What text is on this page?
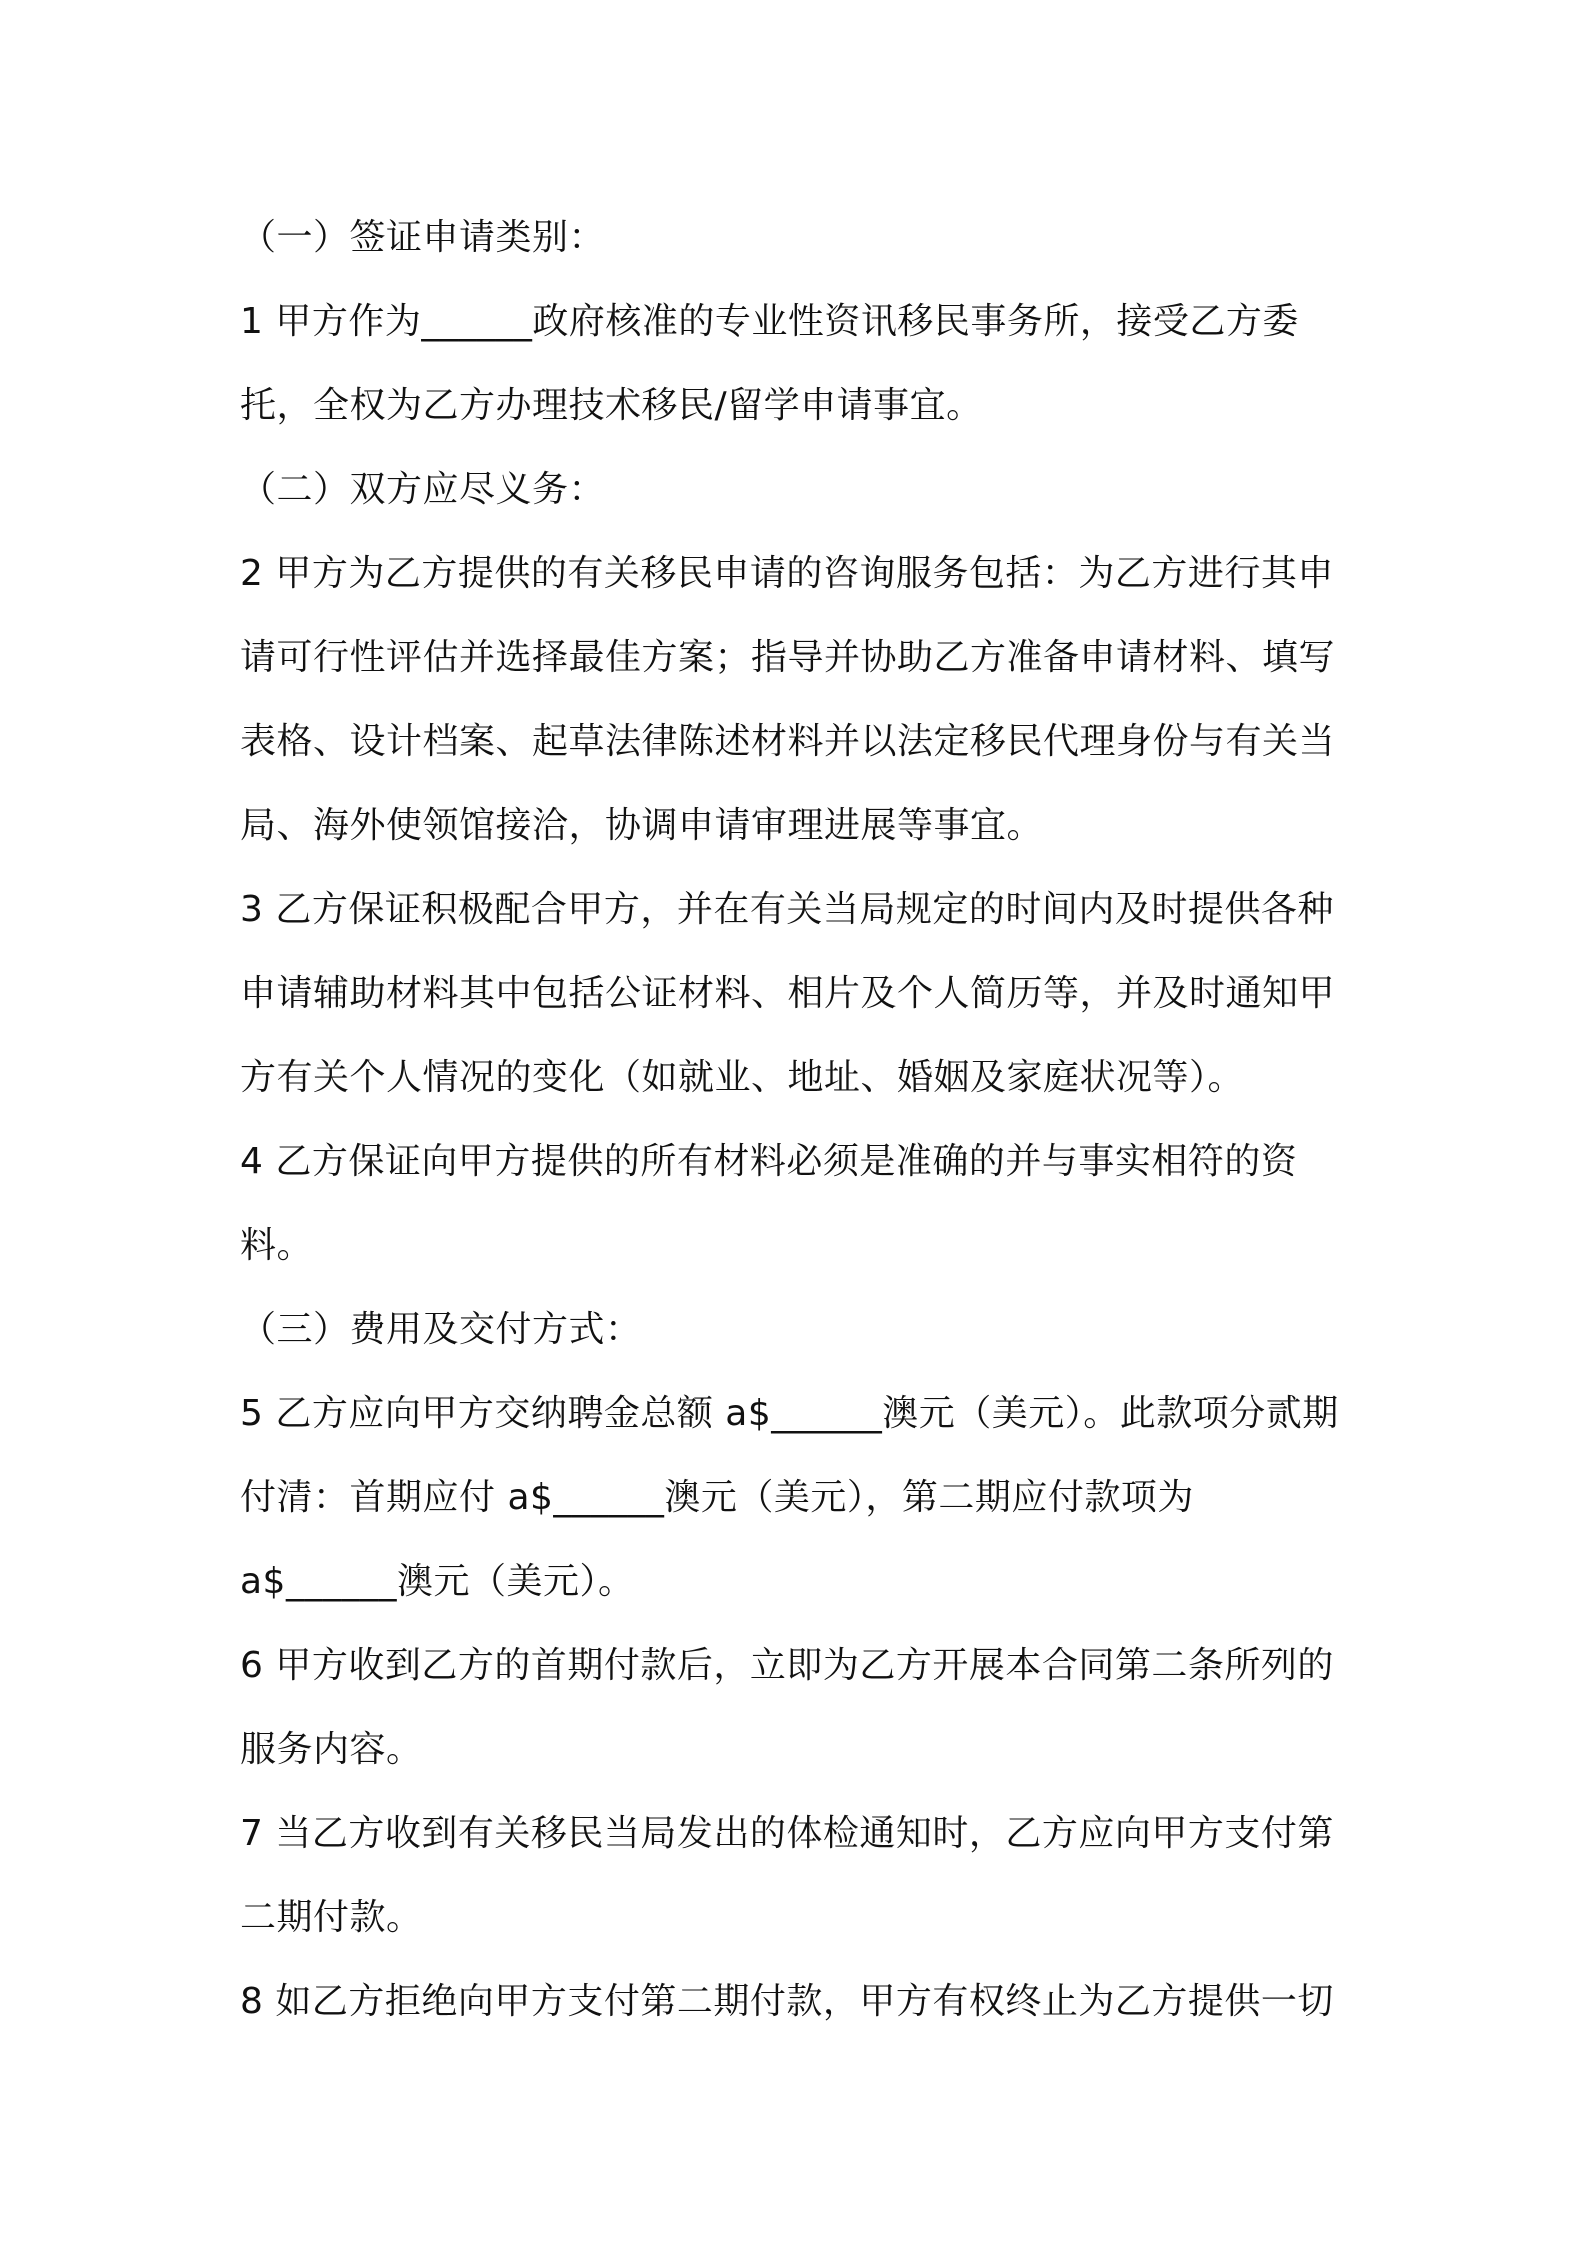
（一）签证申请类别：

1 甲方作为______政府核准的专业性资讯移民事务所，接受乙方委托，全权为乙方办理技术移民/留学申请事宜。

（二）双方应尽义务：

2 甲方为乙方提供的有关移民申请的咨询服务包括：为乙方进行其申请可行性评估并选择最佳方案；指导并协助乙方准备申请材料、填写表格、设计档案、起草法律陈述材料并以法定移民代理身份与有关当局、海外使领馆接洽，协调申请审理进展等事宜。

3 乙方保证积极配合甲方，并在有关当局规定的时间内及时提供各种申请辅助材料其中包括公证材料、相片及个人简历等，并及时通知甲方有关个人情况的变化（如就业、地址、婚姻及家庭状况等）。

4 乙方保证向甲方提供的所有材料必须是准确的并与事实相符的资料。

（三）费用及交付方式：

5 乙方应向甲方交纳聘金总额 a$______澳元（美元）。此款项分贰期付清：首期应付 a$______澳元（美元），第二期应付款项为 a$______澳元（美元）。

6 甲方收到乙方的首期付款后，立即为乙方开展本合同第二条所列的服务内容。

7 当乙方收到有关移民当局发出的体检通知时，乙方应向甲方支付第二期付款。

8 如乙方拒绝向甲方支付第二期付款，甲方有权终止为乙方提供一切
